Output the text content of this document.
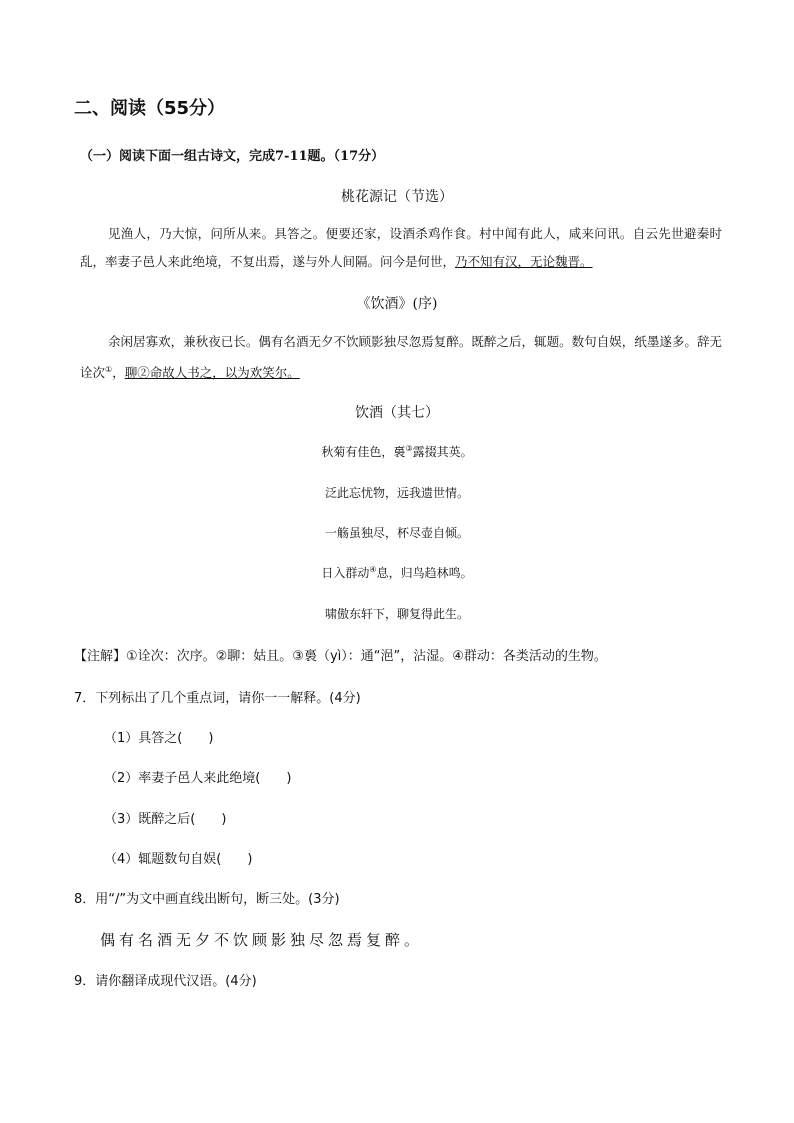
二、阅读（55分）
（一）阅读下面一组古诗文，完成7-11题。（17分）
桃花源记（节选）
见渔人，乃大惊，问所从来。具答之。便要还家，设酒杀鸡作食。村中闻有此人，咸来问讯。自云先世避秦时乱，率妻子邑人来此绝境，不复出焉，遂与外人间隔。问今是何世，乃不知有汉，无论魏晋。
《饮酒》(序)
余闲居寡欢，兼秋夜已长。偶有名酒无夕不饮顾影独尽忽焉复醉。既醉之后，辄题。数句自娱，纸墨遂多。辞无诠次①，聊②命故人书之，以为欢笑尔。
饮酒（其七）
秋菊有佳色，裛③露掇其英。
泛此忘忧物，远我遗世情。
一觞虽独尽，杯尽壶自倾。
日入群动④息，归鸟趋林鸣。
啸傲东轩下，聊复得此生。
【注解】①诠次：次序。②聊：姑且。③裛（yì）：通“浥”，沾湿。④群动：各类活动的生物。
7．下列标出了几个重点词，请你一一解释。(4分)
（1）具答之(　　)
（2）率妻子邑人来此绝境(　　)
（3）既醉之后(　　)
（4）辄题数句自娱(　　)
8．用“/”为文中画直线出断句，断三处。(3分)
偶有名酒无夕不饮顾影独尽忽焉复醉。
9．请你翻译成现代汉语。(4分)
